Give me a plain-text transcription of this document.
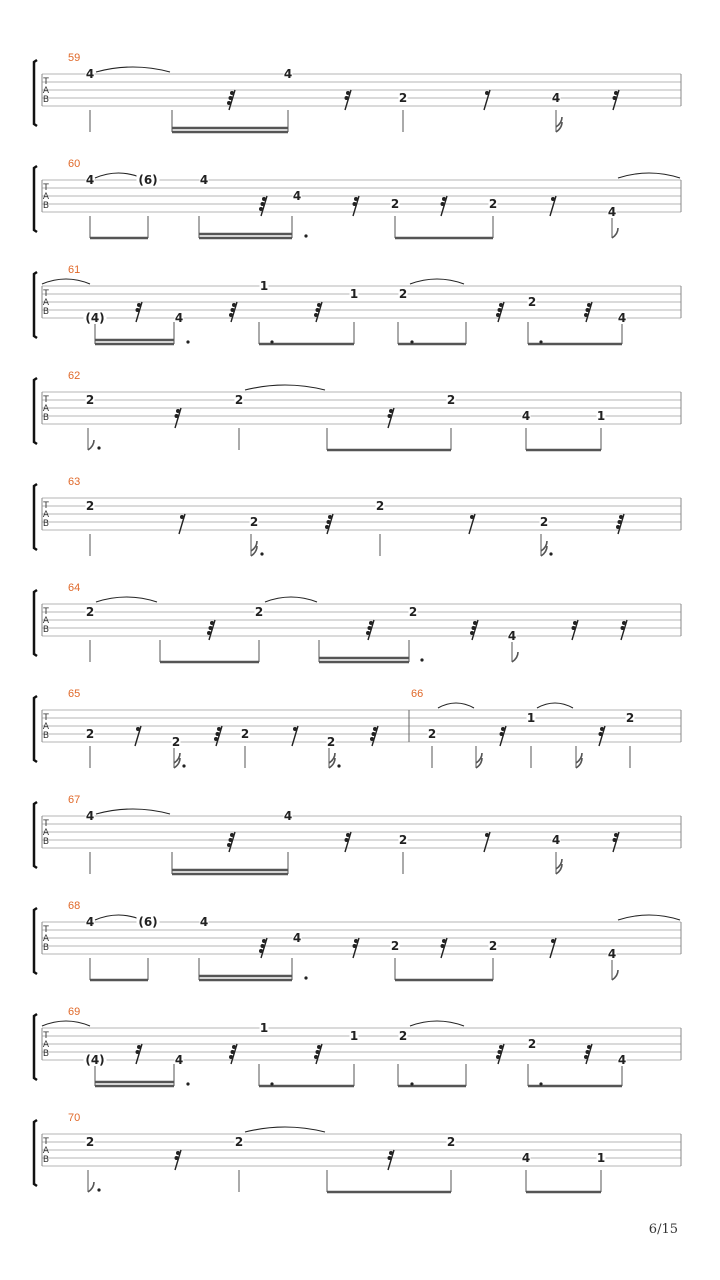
T
A
B
59
4	4
2	4
T
A
B
60
4	(6)	4
4
2	2
4
T
A
B
61
(4)	4
1
1	2
2
4
T
A
B
62
2	2	2
4	1
T
A
B
63
2
2
2
2
T
A
B
64
2	2	2
4
T
A
B
65	66
2
2
2
2
2
1	2
T
A
B
67
4	4
2	4
T
A
B
68
4	(6)	4
4
2	2
4
T
A
B
69
(4)	4
1
1	2
2
4
T
A
B
70
2	2	2
4	1
6/15
